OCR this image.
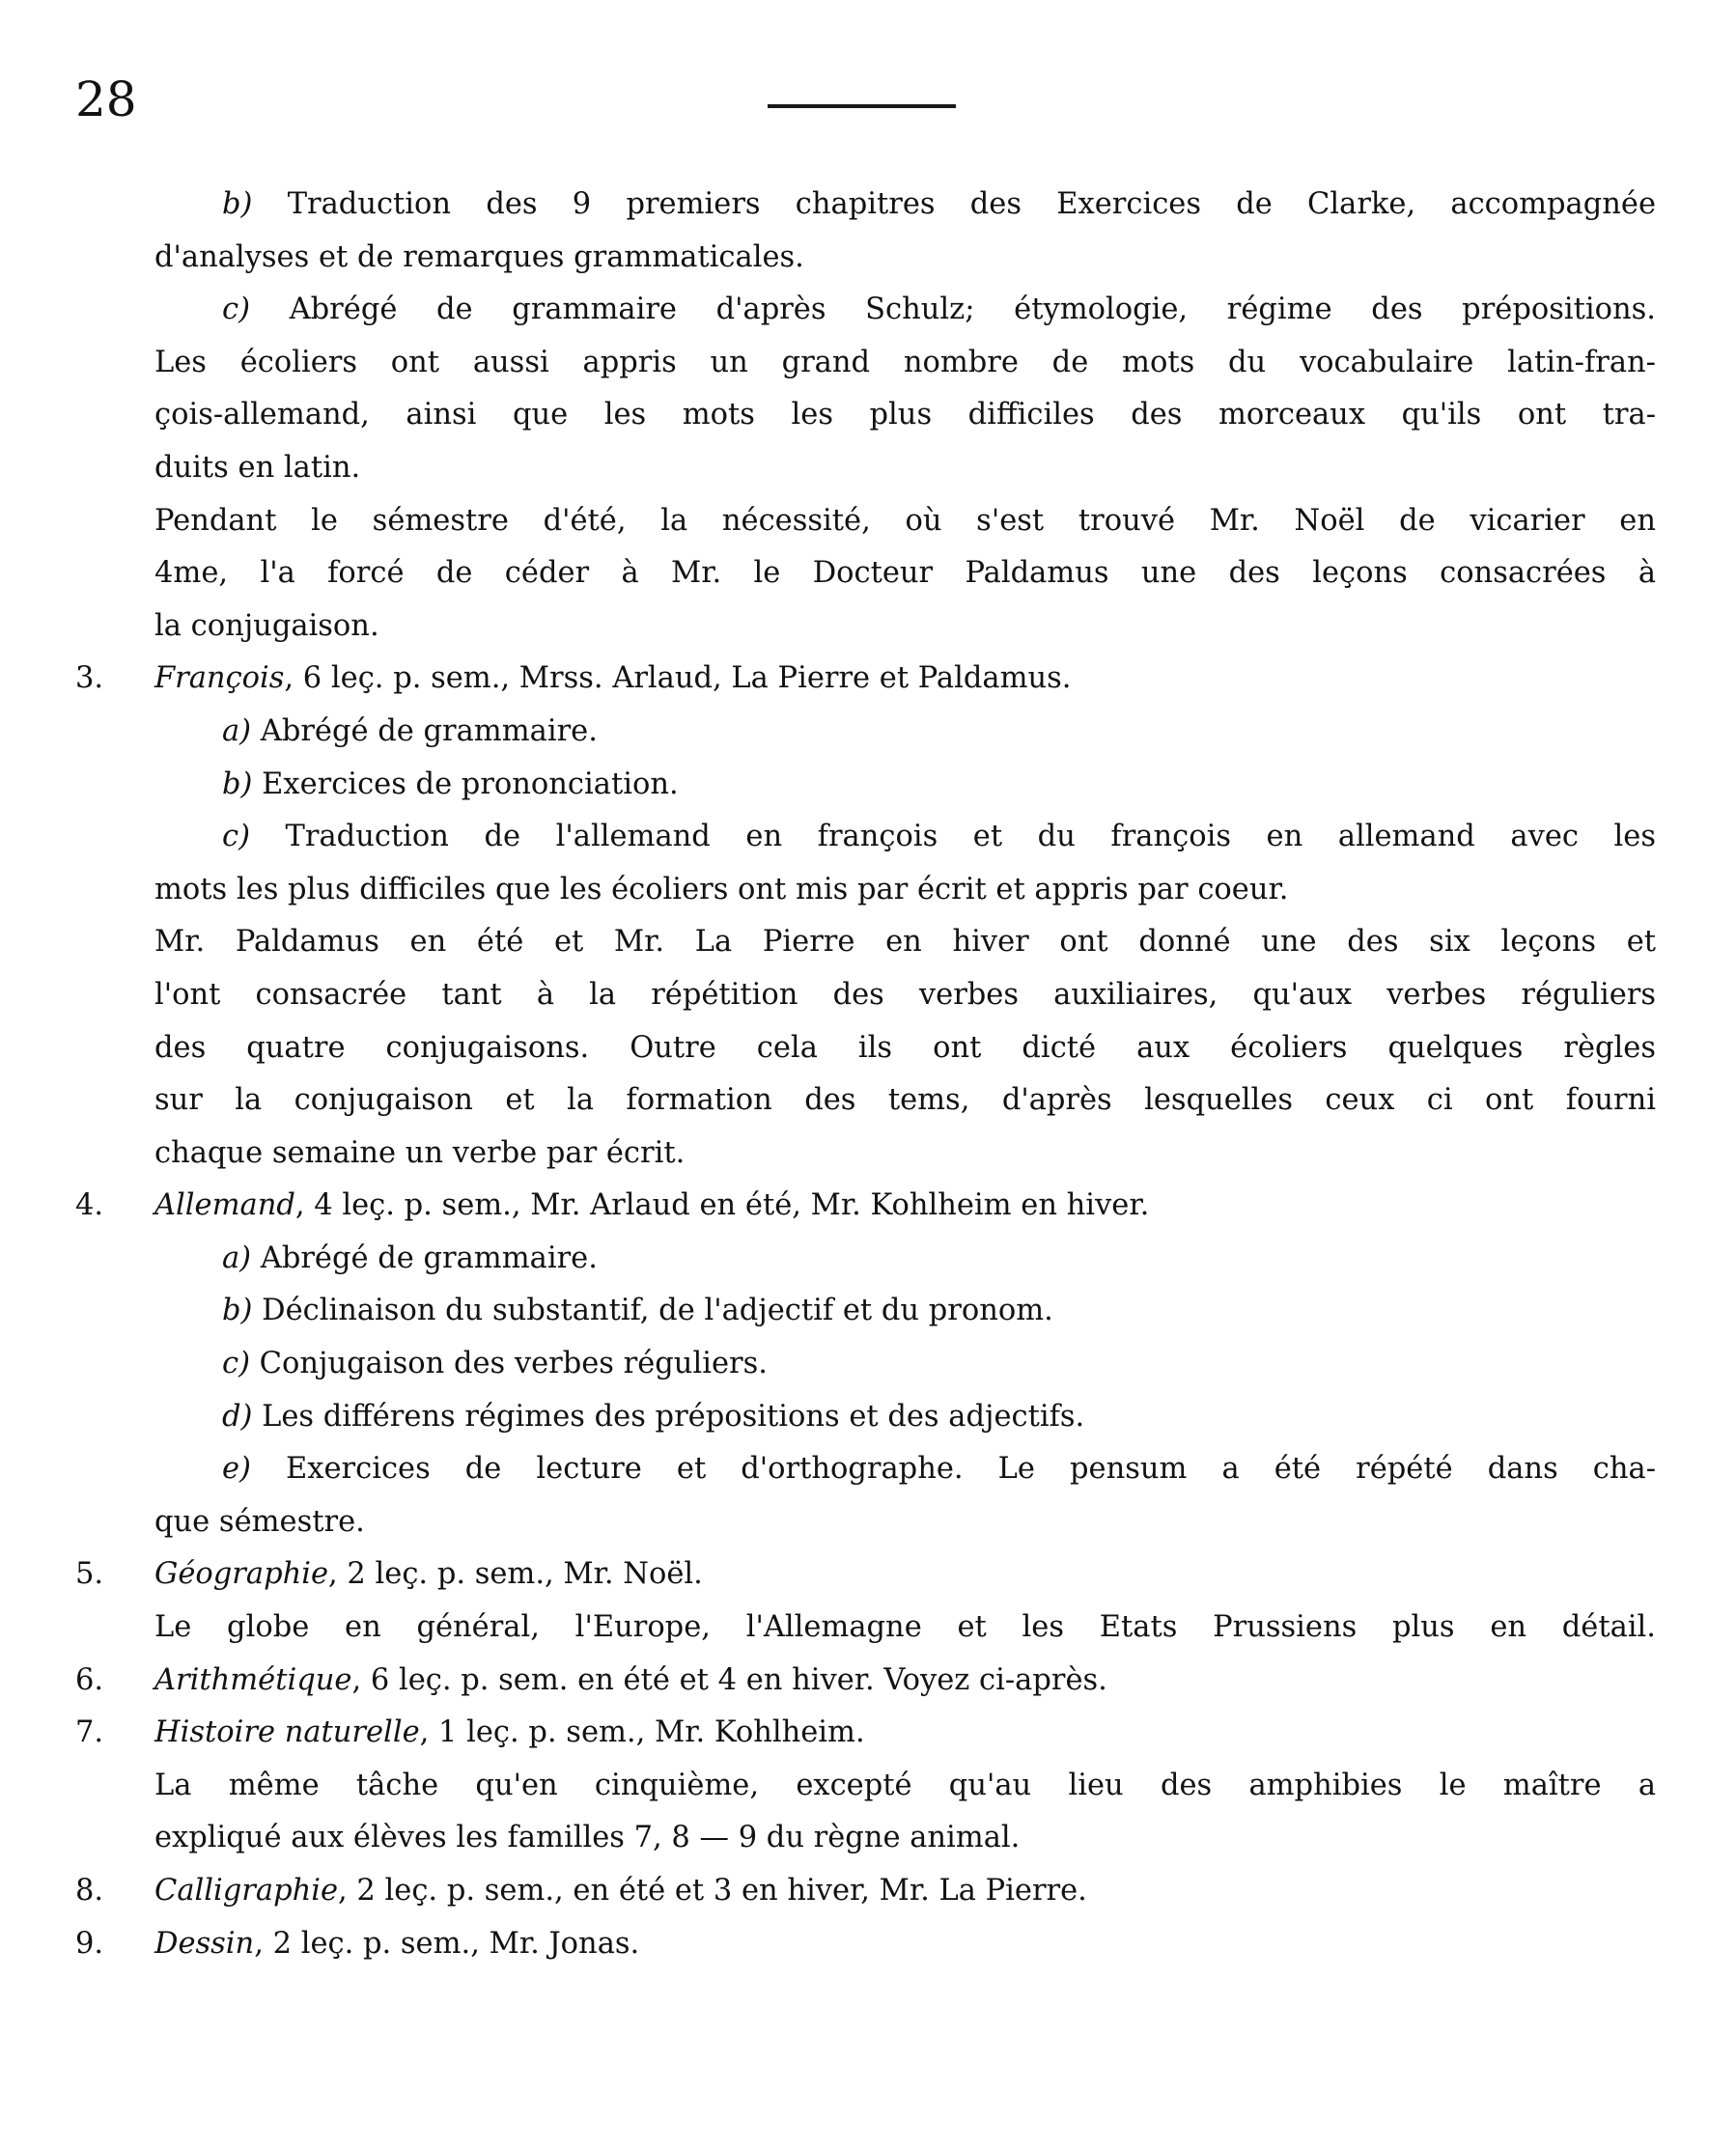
28
b) Traduction des 9 premiers chapitres des Exercices de Clarke, accompagnée
d'analyses et de remarques grammaticales.
c) Abrégé de grammaire d'après Schulz; étymologie, régime des prépositions.
Les écoliers ont aussi appris un grand nombre de mots du vocabulaire latin-fran-
çois-allemand, ainsi que les mots les plus difficiles des morceaux qu'ils ont tra-
duits en latin.
Pendant le sémestre d'été, la nécessité, où s'est trouvé Mr. Noël de vicarier en
4me, l'a forcé de céder à Mr. le Docteur Paldamus une des leçons consacrées à
la conjugaison.
3. François, 6 leç. p. sem., Mrss. Arlaud, La Pierre et Paldamus.
a) Abrégé de grammaire.
b) Exercices de prononciation.
c) Traduction de l'allemand en françois et du françois en allemand avec les
mots les plus difficiles que les écoliers ont mis par écrit et appris par coeur.
Mr. Paldamus en été et Mr. La Pierre en hiver ont donné une des six leçons et
l'ont consacrée tant à la répétition des verbes auxiliaires, qu'aux verbes réguliers
des quatre conjugaisons. Outre cela ils ont dicté aux écoliers quelques règles
sur la conjugaison et la formation des tems, d'après lesquelles ceux ci ont fourni
chaque semaine un verbe par écrit.
4. Allemand, 4 leç. p. sem., Mr. Arlaud en été, Mr. Kohlheim en hiver.
a) Abrégé de grammaire.
b) Déclinaison du substantif, de l'adjectif et du pronom.
c) Conjugaison des verbes réguliers.
d) Les différens régimes des prépositions et des adjectifs.
e) Exercices de lecture et d'orthographe. Le pensum a été répété dans cha-
que sémestre.
5. Géographie, 2 leç. p. sem., Mr. Noël.
Le globe en général, l'Europe, l'Allemagne et les Etats Prussiens plus en détail.
6. Arithmétique, 6 leç. p. sem. en été et 4 en hiver. Voyez ci-après.
7. Histoire naturelle, 1 leç. p. sem., Mr. Kohlheim.
La même tâche qu'en cinquième, excepté qu'au lieu des amphibies le maître a
expliqué aux élèves les familles 7, 8 — 9 du règne animal.
8. Calligraphie, 2 leç. p. sem., en été et 3 en hiver, Mr. La Pierre.
9. Dessin, 2 leç. p. sem., Mr. Jonas.
